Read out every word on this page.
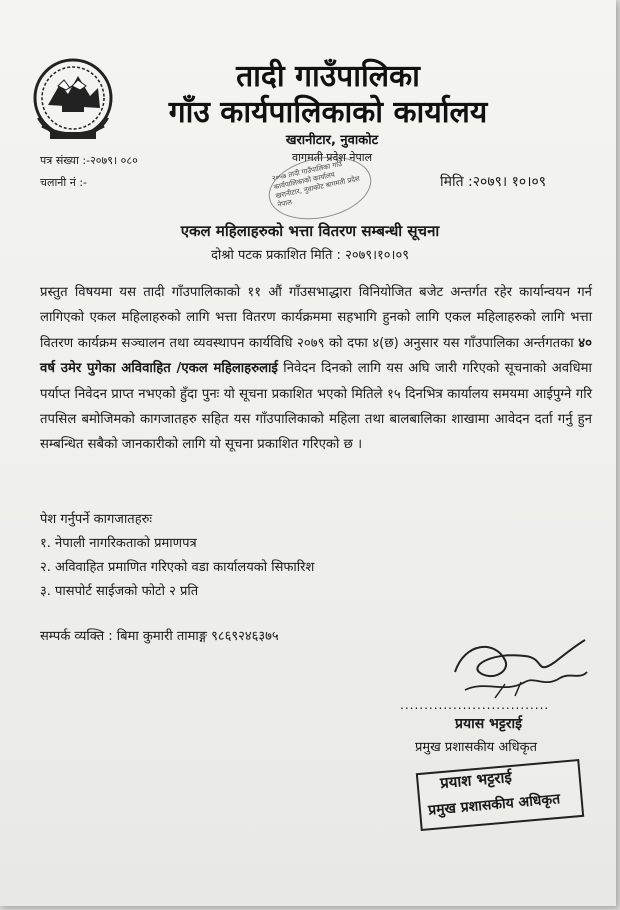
तादी गाउँपालिका
गाँउ कार्यपालिकाको कार्यालय
खरानीटार, नुवाकोट
वागमती प्रदेश नेपाल
पत्र संख्या :-२०७९। ०८०
चलानी नं :-	मिति :२०७९। १०।०९
२०५७ तादी गाउँपालिका गाउँ कार्यपालिकाको कार्यालय खरानीटार, नुवाकोट बागमती प्रदेश नेपाल
एकल महिलाहरुको भत्ता वितरण सम्बन्धी सूचना
दोश्रो पटक प्रकाशित मिति : २०७९।१०।०९
प्रस्तुत विषयमा यस तादी गाँउपालिकाको ११ औं गाँउसभाद्धारा विनियोजित बजेट अन्तर्गत रहेर कार्यान्वयन गर्न लागिएको एकल महिलाहरुको लागि भत्ता वितरण कार्यक्रममा सहभागि हुनको लागि एकल महिलाहरुको लागि भत्ता वितरण कार्यक्रम सञ्चालन तथा व्यवस्थापन कार्यविधि २०७९ को दफा ४(छ) अनुसार यस गाँउपालिका अर्न्तगतका ४० वर्ष उमेर पुगेका अविवाहित /एकल महिलाहरुलाई निवेदन दिनको लागि यस अघि जारी गरिएको सूचनाको अवधिमा पर्याप्त निवेदन प्राप्त नभएको हुँदा पुनः यो सूचना प्रकाशित भएको मितिले १५ दिनभित्र कार्यालय समयमा आईपुग्ने गरि तपसिल बमोजिमको कागजातहरु सहित यस गाँउपालिकाको महिला तथा बालबालिका शाखामा आवेदन दर्ता गर्नु हुन सम्बन्धित सबैको जानकारीको लागि यो सूचना प्रकाशित गरिएको छ ।
पेश गर्नुपर्ने कागजातहरुः
१. नेपाली नागरिकताको प्रमाणपत्र
२. अविवाहित प्रमाणित गरिएको वडा कार्यालयको सिफारिश
३. पासपोर्ट साईजको फोटो २ प्रति
सम्पर्क व्यक्ति : बिमा कुमारी तामाङ्ग ९८६९२४६३७५
...............................
प्रयास भट्टराई
प्रमुख प्रशासकीय अधिकृत
प्रयाश भट्टराई
प्रमुख प्रशासकीय अधिकृत
